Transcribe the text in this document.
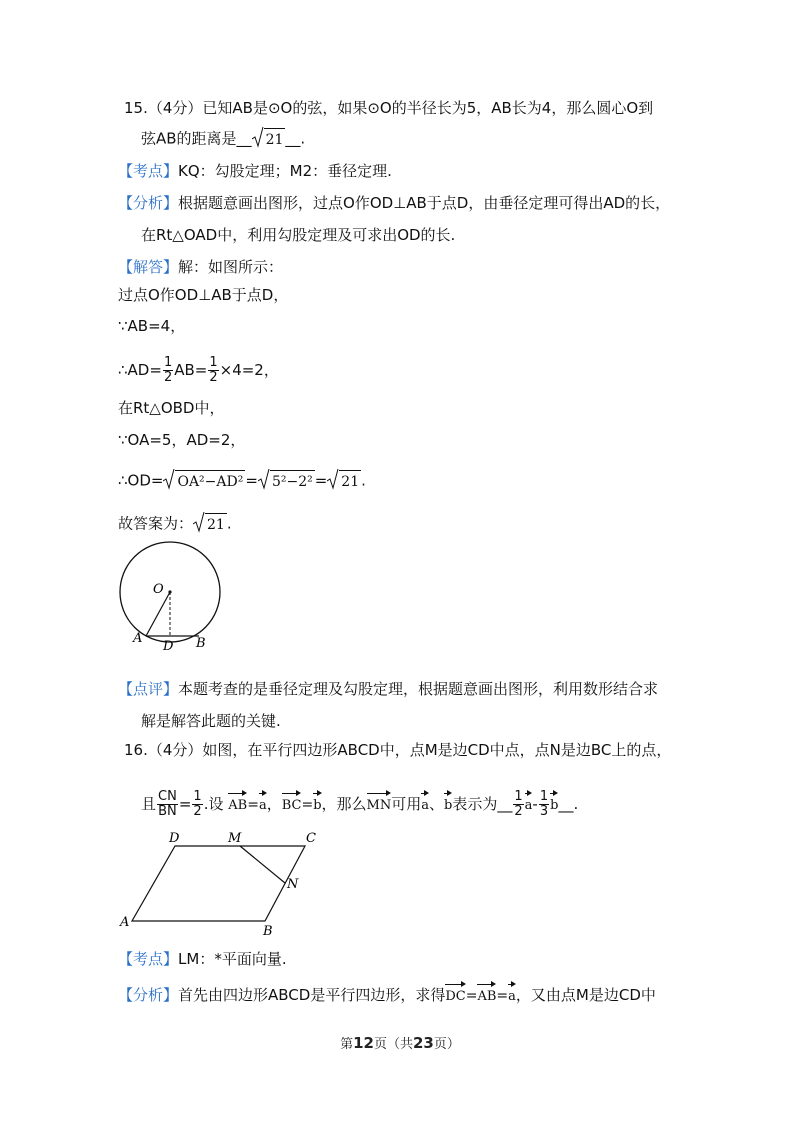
15.（4分）已知AB是⊙O的弦，如果⊙O的半径长为5，AB长为4，那么圆心O到
弦AB的距离是__ 21 __.
【考点】KQ：勾股定理；M2：垂径定理.
【分析】根据题意画出图形，过点O作OD⊥AB于点D，由垂径定理可得出AD的长，
在Rt△OAD中，利用勾股定理及可求出OD的长.
【解答】解：如图所示：
过点O作OD⊥AB于点D，
∵AB=4，
∴AD= $\frac{1}{2} AB= \frac{1}{2} \times 4=2$，
在Rt△OBD中，
∵OA=5，AD=2，
∴OD= OA²−AD² = 5²−2² = 21 .
故答案为： 21 .
O
A
D B
【点评】本题考查的是垂径定理及勾股定理，根据题意画出图形，利用数形结合求
解是解答此题的关键.
16.（4分）如图，在平行四边形ABCD中，点M是边CD中点，点N是边BC上的点，
且 $\frac{CN}{BN} = \frac{1}{2}$ .设 AB=a，BC=b，那么MN可用a、b表示为__ $\frac{1}{2} a- \frac{1}{3}$ b__.
D	M	C
N
A
B
【考点】LM：*平面向量.
【分析】首先由四边形ABCD是平行四边形，求得DC=AB=a，又由点M是边CD中
第12页（共23页）
